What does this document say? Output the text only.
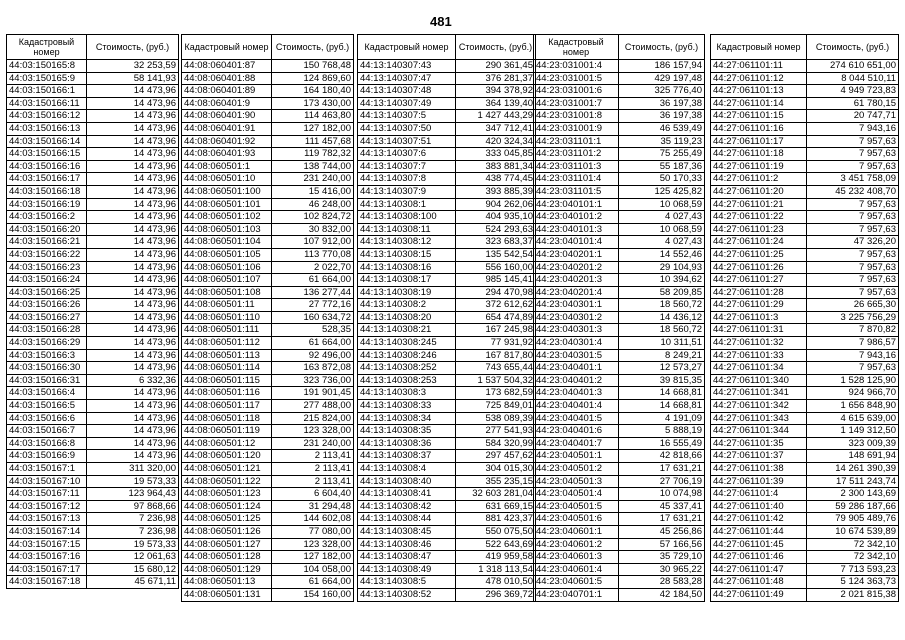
481
Кадастровый номер	Стоимость, (руб.)
44:03:150165:8	32 253,59
44:03:150165:9	58 141,93
44:03:150166:1	14 473,96
44:03:150166:11	14 473,96
44:03:150166:12	14 473,96
44:03:150166:13	14 473,96
44:03:150166:14	14 473,96
44:03:150166:15	14 473,96
44:03:150166:16	14 473,96
44:03:150166:17	14 473,96
44:03:150166:18	14 473,96
44:03:150166:19	14 473,96
44:03:150166:2	14 473,96
44:03:150166:20	14 473,96
44:03:150166:21	14 473,96
44:03:150166:22	14 473,96
44:03:150166:23	14 473,96
44:03:150166:24	14 473,96
44:03:150166:25	14 473,96
44:03:150166:26	14 473,96
44:03:150166:27	14 473,96
44:03:150166:28	14 473,96
44:03:150166:29	14 473,96
44:03:150166:3	14 473,96
44:03:150166:30	14 473,96
44:03:150166:31	6 332,36
44:03:150166:4	14 473,96
44:03:150166:5	14 473,96
44:03:150166:6	14 473,96
44:03:150166:7	14 473,96
44:03:150166:8	14 473,96
44:03:150166:9	14 473,96
44:03:150167:1	311 320,00
44:03:150167:10	19 573,33
44:03:150167:11	123 964,43
44:03:150167:12	97 868,66
44:03:150167:13	7 236,98
44:03:150167:14	7 236,98
44:03:150167:15	19 573,33
44:03:150167:16	12 061,63
44:03:150167:17	15 680,12
44:03:150167:18	45 671,11
Кадастровый номер	Стоимость, (руб.)
44:08:060401:87	150 768,48
44:08:060401:88	124 869,60
44:08:060401:89	164 180,40
44:08:060401:9	173 430,00
44:08:060401:90	114 463,80
44:08:060401:91	127 182,00
44:08:060401:92	111 457,68
44:08:060401:93	119 782,32
44:08:060501:1	138 744,00
44:08:060501:10	231 240,00
44:08:060501:100	15 416,00
44:08:060501:101	46 248,00
44:08:060501:102	102 824,72
44:08:060501:103	30 832,00
44:08:060501:104	107 912,00
44:08:060501:105	113 770,08
44:08:060501:106	2 022,70
44:08:060501:107	61 664,00
44:08:060501:108	136 277,44
44:08:060501:11	27 772,16
44:08:060501:110	160 634,72
44:08:060501:111	528,35
44:08:060501:112	61 664,00
44:08:060501:113	92 496,00
44:08:060501:114	163 872,08
44:08:060501:115	323 736,00
44:08:060501:116	191 901,45
44:08:060501:117	277 488,00
44:08:060501:118	215 824,00
44:08:060501:119	123 328,00
44:08:060501:12	231 240,00
44:08:060501:120	2 113,41
44:08:060501:121	2 113,41
44:08:060501:122	2 113,41
44:08:060501:123	6 604,40
44:08:060501:124	31 294,48
44:08:060501:125	144 602,08
44:08:060501:126	77 080,00
44:08:060501:127	123 328,00
44:08:060501:128	127 182,00
44:08:060501:129	104 058,00
44:08:060501:13	61 664,00
44:08:060501:131	154 160,00
Кадастровый номер	Стоимость, (руб.)
44:13:140307:43	290 361,45
44:13:140307:47	376 281,37
44:13:140307:48	394 378,92
44:13:140307:49	364 139,40
44:13:140307:5	1 427 443,29
44:13:140307:50	347 712,41
44:13:140307:51	420 324,34
44:13:140307:6	333 045,85
44:13:140307:7	383 881,34
44:13:140307:8	438 774,45
44:13:140307:9	393 885,39
44:13:140308:1	904 262,06
44:13:140308:100	404 935,10
44:13:140308:11	524 293,63
44:13:140308:12	323 683,37
44:13:140308:15	135 542,54
44:13:140308:16	556 160,00
44:13:140308:17	985 145,41
44:13:140308:19	294 470,98
44:13:140308:2	372 612,62
44:13:140308:20	654 474,89
44:13:140308:21	167 245,98
44:13:140308:245	77 931,92
44:13:140308:246	167 817,80
44:13:140308:252	743 655,44
44:13:140308:253	1 537 504,32
44:13:140308:3	173 682,59
44:13:140308:33	725 849,01
44:13:140308:34	538 089,39
44:13:140308:35	277 541,93
44:13:140308:36	584 320,99
44:13:140308:37	297 457,62
44:13:140308:4	304 015,30
44:13:140308:40	355 235,15
44:13:140308:41	32 603 281,04
44:13:140308:42	631 669,15
44:13:140308:44	881 423,37
44:13:140308:45	550 075,50
44:13:140308:46	522 643,69
44:13:140308:47	419 959,58
44:13:140308:49	1 318 113,54
44:13:140308:5	478 010,50
44:13:140308:52	296 369,72
Кадастровый номер	Стоимость, (руб.)
44:23:031001:4	186 157,94
44:23:031001:5	429 197,48
44:23:031001:6	325 776,40
44:23:031001:7	36 197,38
44:23:031001:8	36 197,38
44:23:031001:9	46 539,49
44:23:031101:1	35 119,23
44:23:031101:2	75 255,49
44:23:031101:3	55 187,36
44:23:031101:4	50 170,33
44:23:031101:5	125 425,82
44:23:040101:1	10 068,59
44:23:040101:2	4 027,43
44:23:040101:3	10 068,59
44:23:040101:4	4 027,43
44:23:040201:1	14 552,46
44:23:040201:2	29 104,93
44:23:040201:3	10 394,62
44:23:040201:4	58 209,85
44:23:040301:1	18 560,72
44:23:040301:2	14 436,12
44:23:040301:3	18 560,72
44:23:040301:4	10 311,51
44:23:040301:5	8 249,21
44:23:040401:1	12 573,27
44:23:040401:2	39 815,35
44:23:040401:3	14 668,81
44:23:040401:4	14 668,81
44:23:040401:5	4 191,09
44:23:040401:6	5 888,19
44:23:040401:7	16 555,49
44:23:040501:1	42 818,66
44:23:040501:2	17 631,21
44:23:040501:3	27 706,19
44:23:040501:4	10 074,98
44:23:040501:5	45 337,41
44:23:040501:6	17 631,21
44:23:040601:1	45 256,86
44:23:040601:2	57 166,56
44:23:040601:3	35 729,10
44:23:040601:4	30 965,22
44:23:040601:5	28 583,28
44:23:040701:1	42 184,50
Кадастровый номер	Стоимость, (руб.)
44:27:061101:11	274 610 651,00
44:27:061101:12	8 044 510,11
44:27:061101:13	4 949 723,83
44:27:061101:14	61 780,15
44:27:061101:15	20 747,71
44:27:061101:16	7 943,16
44:27:061101:17	7 957,63
44:27:061101:18	7 957,63
44:27:061101:19	7 957,63
44:27:061101:2	3 451 758,09
44:27:061101:20	45 232 408,70
44:27:061101:21	7 957,63
44:27:061101:22	7 957,63
44:27:061101:23	7 957,63
44:27:061101:24	47 326,20
44:27:061101:25	7 957,63
44:27:061101:26	7 957,63
44:27:061101:27	7 957,63
44:27:061101:28	7 957,63
44:27:061101:29	26 665,30
44:27:061101:3	3 225 756,29
44:27:061101:31	7 870,82
44:27:061101:32	7 986,57
44:27:061101:33	7 943,16
44:27:061101:34	7 957,63
44:27:061101:340	1 528 125,90
44:27:061101:341	924 966,70
44:27:061101:342	1 656 848,90
44:27:061101:343	4 615 639,00
44:27:061101:344	1 149 312,50
44:27:061101:35	323 009,39
44:27:061101:37	148 691,94
44:27:061101:38	14 261 390,39
44:27:061101:39	17 511 243,74
44:27:061101:4	2 300 143,69
44:27:061101:40	59 286 187,66
44:27:061101:42	79 905 489,76
44:27:061101:44	10 674 539,89
44:27:061101:45	72 342,10
44:27:061101:46	72 342,10
44:27:061101:47	7 713 593,23
44:27:061101:48	5 124 363,73
44:27:061101:49	2 021 815,38
